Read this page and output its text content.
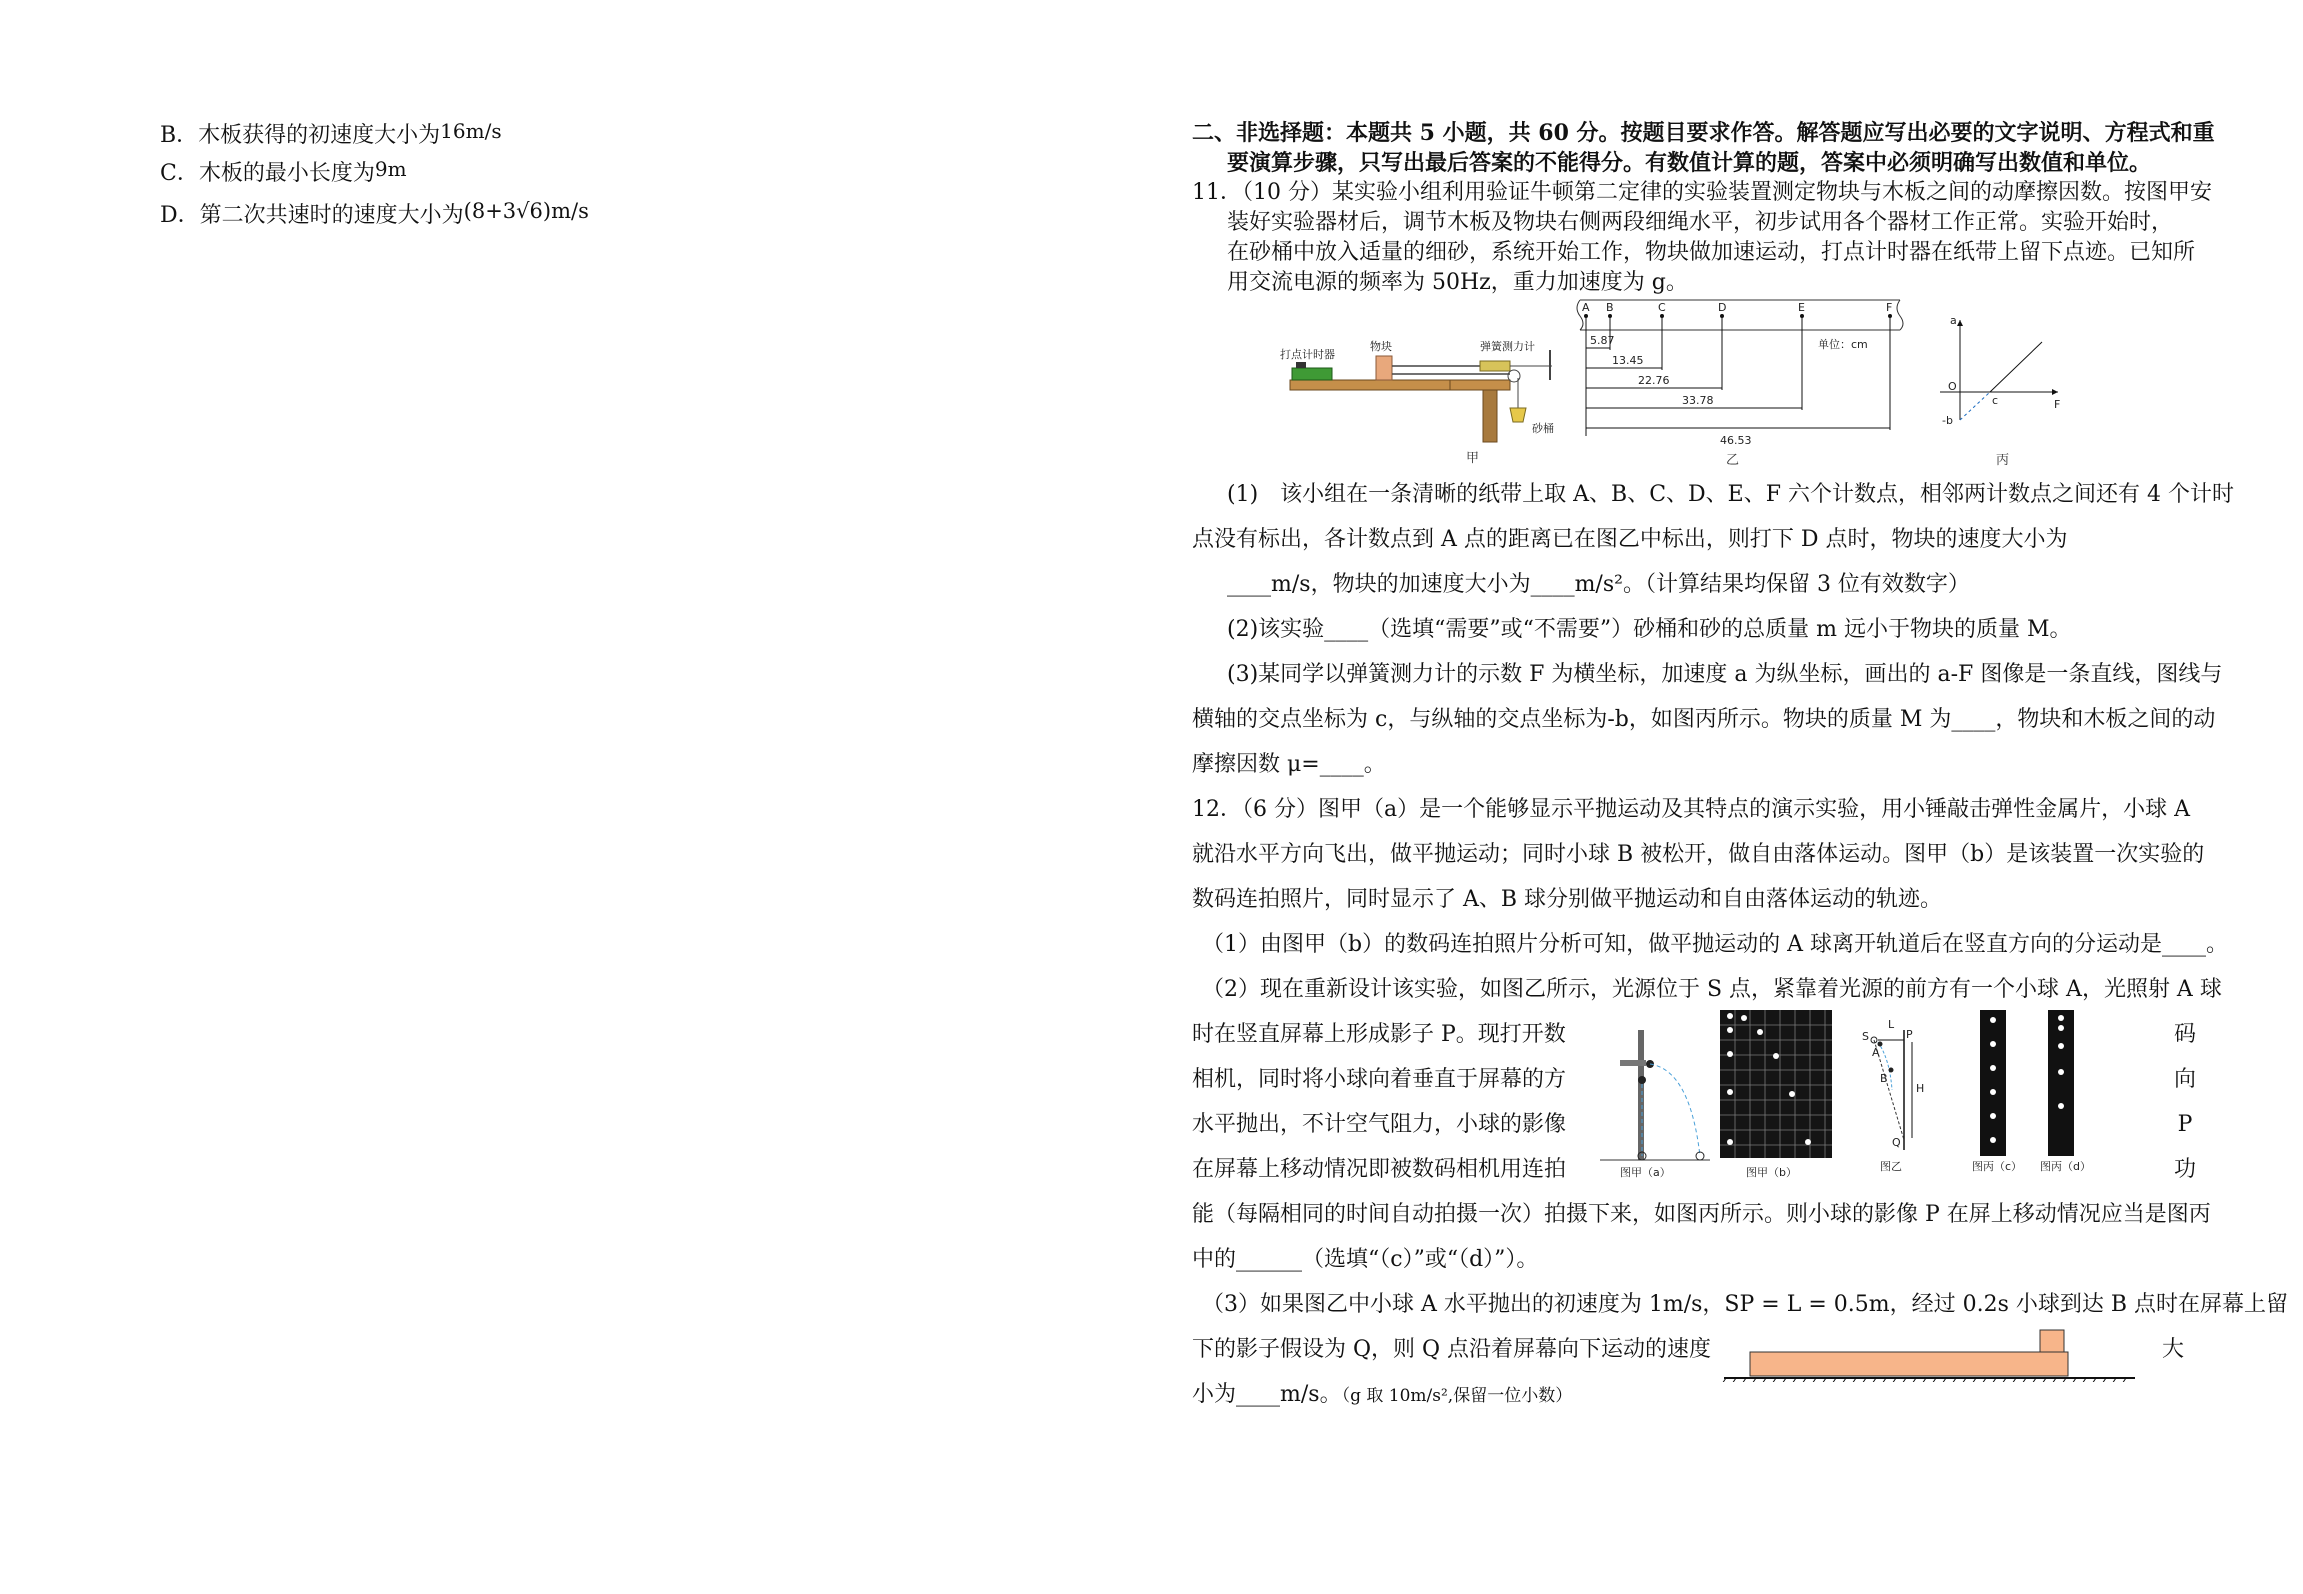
B．木板获得的初速度大小为16m/s
C．木板的最小长度为9m
D．第二次共速时的速度大小为(8+3√6)m/s
二、非选择题：本题共 5 小题，共 60 分。按题目要求作答。解答题应写出必要的文字说明、方程式和重
要演算步骤，只写出最后答案的不能得分。有数值计算的题，答案中必须明确写出数值和单位。
11．（10 分）某实验小组利用验证牛顿第二定律的实验装置测定物块与木板之间的动摩擦因数。按图甲安
装好实验器材后，调节木板及物块右侧两段细绳水平，初步试用各个器材工作正常。实验开始时，
在砂桶中放入适量的细砂，系统开始工作，物块做加速运动，打点计时器在纸带上留下点迹。已知所
用交流电源的频率为 50Hz，重力加速度为 g。
打点计时器
物块	弹簧测力计
砂桶
甲
A B	C	D	E	F
5.87
13.45
22.76
33.78
46.53
单位：cm
乙
a
F
O
c
-b
丙
(1)　该小组在一条清晰的纸带上取 A、B、C、D、E、F 六个计数点，相邻两计数点之间还有 4 个计时
点没有标出，各计数点到 A 点的距离已在图乙中标出，则打下 D 点时，物块的速度大小为
____m/s，物块的加速度大小为____m/s²。（计算结果均保留 3 位有效数字）
(2)该实验____（选填“需要”或“不需要”）砂桶和砂的总质量 m 远小于物块的质量 M。
(3)某同学以弹簧测力计的示数 F 为横坐标，加速度 a 为纵坐标，画出的 a-F 图像是一条直线，图线与
横轴的交点坐标为 c，与纵轴的交点坐标为-b，如图丙所示。物块的质量 M 为____，物块和木板之间的动
摩擦因数 μ=____。
12．（6 分）图甲（a）是一个能够显示平抛运动及其特点的演示实验，用小锤敲击弹性金属片，小球 A
就沿水平方向飞出，做平抛运动；同时小球 B 被松开，做自由落体运动。图甲（b）是该装置一次实验的
数码连拍照片，同时显示了 A、B 球分别做平抛运动和自由落体运动的轨迹。
（1）由图甲（b）的数码连拍照片分析可知，做平抛运动的 A 球离开轨道后在竖直方向的分运动是____。
（2）现在重新设计该实验，如图乙所示，光源位于 S 点，紧靠着光源的前方有一个小球 A，光照射 A 球
时在竖直屏幕上形成影子 P。现打开数
相机，同时将小球向着垂直于屏幕的方
水平抛出，不计空气阻力，小球的影像
在屏幕上移动情况即被数码相机用连拍
码
向
P
功
图甲（a）	图甲（b）
S
L
P
A
B
H
Q
图乙	图丙（c） 图丙（d）
能（每隔相同的时间自动拍摄一次）拍摄下来，如图丙所示。则小球的影像 P 在屏上移动情况应当是图丙
中的______（选填“（c）”或“（d）”）。
（3）如果图乙中小球 A 水平抛出的初速度为 1m/s，SP = L = 0.5m，经过 0.2s 小球到达 B 点时在屏幕上留
下的影子假设为 Q，则 Q 点沿着屏幕向下运动的速度	大
小为____m/s。（g 取 10m/s²,保留一位小数）
